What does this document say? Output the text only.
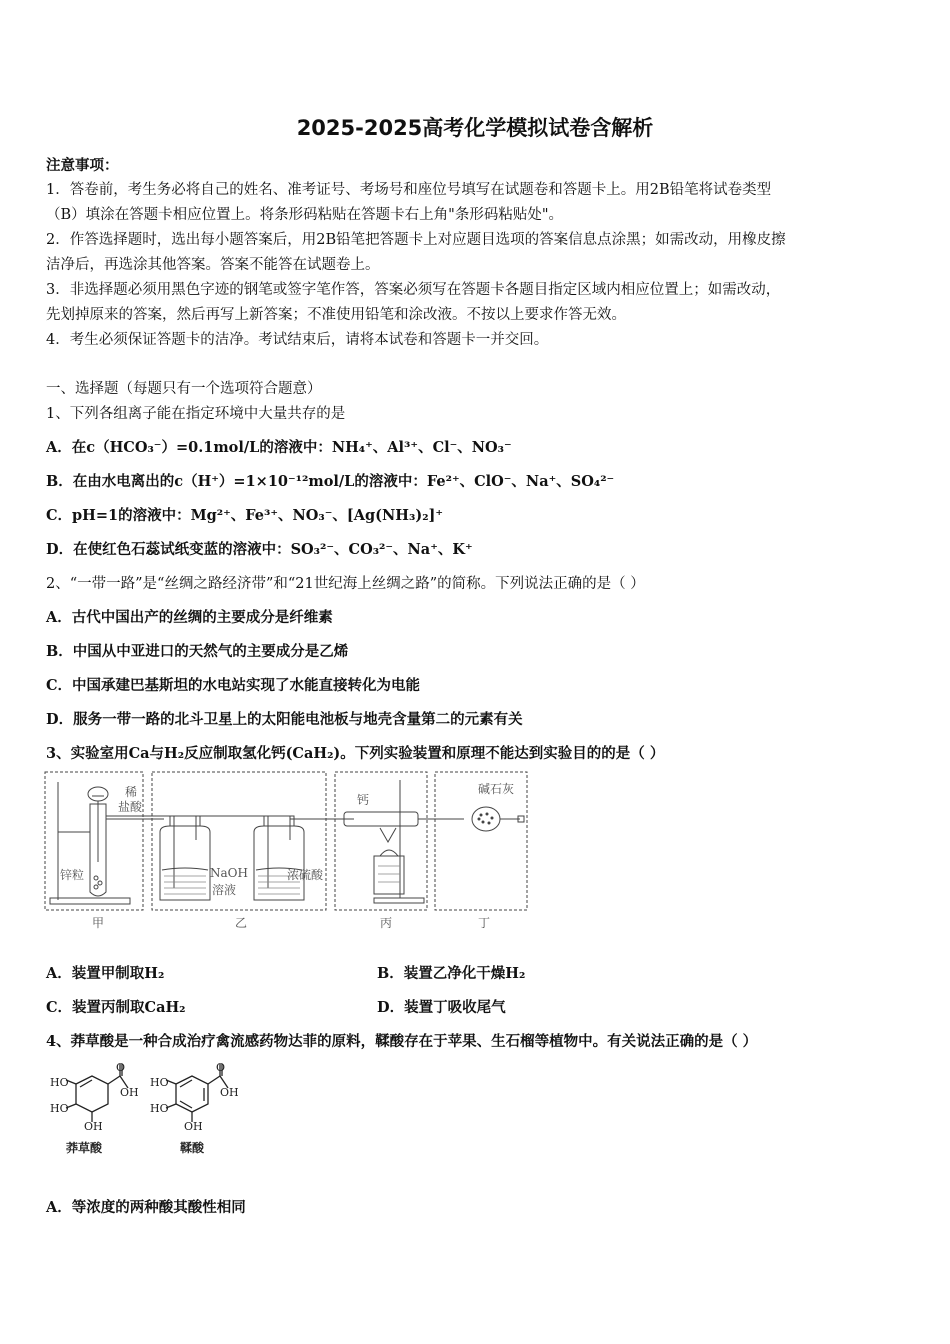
2025-2025高考化学模拟试卷含解析
注意事项：
1．答卷前，考生务必将自己的姓名、准考证号、考场号和座位号填写在试题卷和答题卡上。用2B铅笔将试卷类型
（B）填涂在答题卡相应位置上。将条形码粘贴在答题卡右上角"条形码粘贴处"。
2．作答选择题时，选出每小题答案后，用2B铅笔把答题卡上对应题目选项的答案信息点涂黑；如需改动，用橡皮擦
洁净后，再选涂其他答案。答案不能答在试题卷上。
3．非选择题必须用黑色字迹的钢笔或签字笔作答，答案必须写在答题卡各题目指定区域内相应位置上；如需改动，
先划掉原来的答案，然后再写上新答案；不准使用铅笔和涂改液。不按以上要求作答无效。
4．考生必须保证答题卡的洁净。考试结束后，请将本试卷和答题卡一并交回。
一、选择题（每题只有一个选项符合题意）
1、下列各组离子能在指定环境中大量共存的是
A．在c（HCO₃⁻）=0.1mol/L的溶液中：NH₄⁺、Al³⁺、Cl⁻、NO₃⁻
B．在由水电离出的c（H⁺）=1×10⁻¹²mol/L的溶液中：Fe²⁺、ClO⁻、Na⁺、SO₄²⁻
C．pH=1的溶液中：Mg²⁺、Fe³⁺、NO₃⁻、[Ag(NH₃)₂]⁺
D．在使红色石蕊试纸变蓝的溶液中：SO₃²⁻、CO₃²⁻、Na⁺、K⁺
2、“一带一路”是“丝绸之路经济带”和“21世纪海上丝绸之路”的简称。下列说法正确的是（ ）
A．古代中国出产的丝绸的主要成分是纤维素
B．中国从中亚进口的天然气的主要成分是乙烯
C．中国承建巴基斯坦的水电站实现了水能直接转化为电能
D．服务一带一路的北斗卫星上的太阳能电池板与地壳含量第二的元素有关
3、实验室用Ca与H₂反应制取氢化钙(CaH₂)。下列实验装置和原理不能达到实验目的的是（ ）
稀
盐酸
锌粒	NaOH
溶液
浓硫酸
钙
碱石灰
甲	乙	丙	丁
A．装置甲制取H₂	B．装置乙净化干燥H₂
C．装置丙制取CaH₂	D．装置丁吸收尾气
4、莽草酸是一种合成治疗禽流感药物达菲的原料，鞣酸存在于苹果、生石榴等植物中。有关说法正确的是（ ）
HO
HO
OH
O
OH
HO
HO
OH
O
OH
莽草酸	鞣酸
A．等浓度的两种酸其酸性相同
